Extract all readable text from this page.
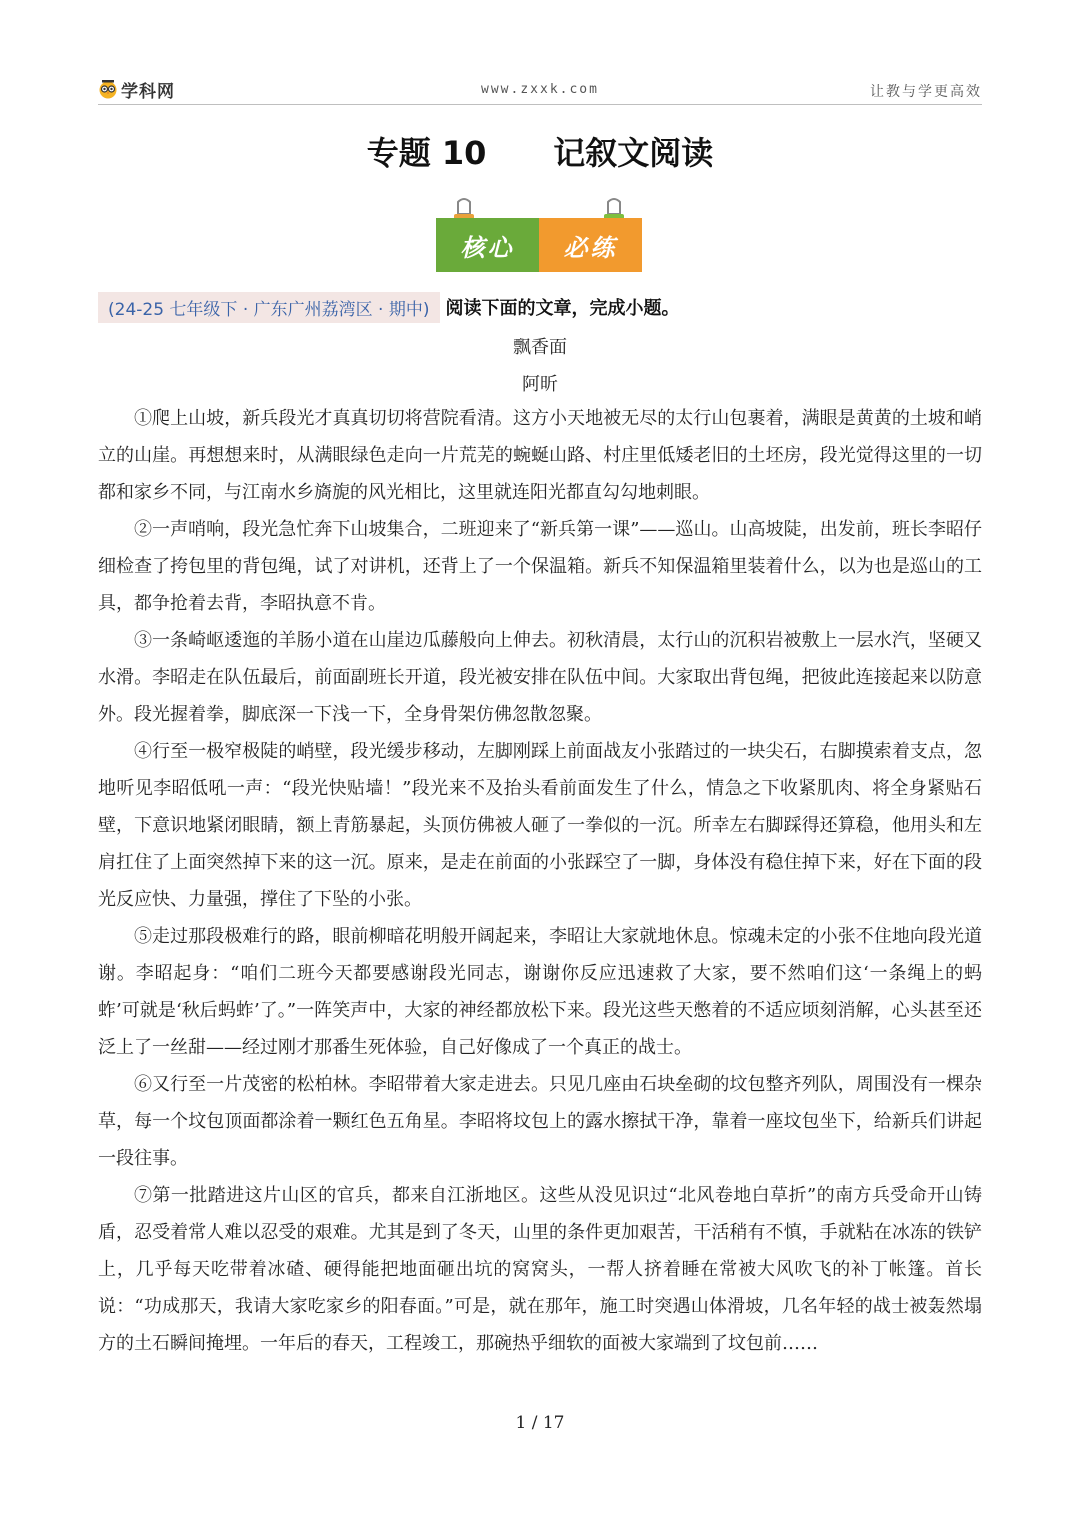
学科网	www.zxxk.com	让教与学更高效
专题 10      记叙文阅读
核心	必练
(24-25 七年级下 · 广东广州荔湾区 · 期中) 阅读下面的文章，完成小题。
飘香面
阿昕

①爬上山坡，新兵段光才真真切切将营院看清。这方小天地被无尽的太行山包裹着，满眼是黄黄的土坡和峭立的山崖。再想想来时，从满眼绿色走向一片荒芜的蜿蜒山路、村庄里低矮老旧的土坯房，段光觉得这里的一切都和家乡不同，与江南水乡旖旎的风光相比，这里就连阳光都直勾勾地刺眼。

②一声哨响，段光急忙奔下山坡集合，二班迎来了“新兵第一课”——巡山。山高坡陡，出发前，班长李昭仔细检查了挎包里的背包绳，试了对讲机，还背上了一个保温箱。新兵不知保温箱里装着什么，以为也是巡山的工具，都争抢着去背，李昭执意不肯。

③一条崎岖逶迤的羊肠小道在山崖边瓜藤般向上伸去。初秋清晨，太行山的沉积岩被敷上一层水汽，坚硬又水滑。李昭走在队伍最后，前面副班长开道，段光被安排在队伍中间。大家取出背包绳，把彼此连接起来以防意外。段光握着拳，脚底深一下浅一下，全身骨架仿佛忽散忽聚。

④行至一极窄极陡的峭壁，段光缓步移动，左脚刚踩上前面战友小张踏过的一块尖石，右脚摸索着支点，忽地听见李昭低吼一声：“段光快贴墙！”段光来不及抬头看前面发生了什么，情急之下收紧肌肉、将全身紧贴石壁，下意识地紧闭眼睛，额上青筋暴起，头顶仿佛被人砸了一拳似的一沉。所幸左右脚踩得还算稳，他用头和左肩扛住了上面突然掉下来的这一沉。原来，是走在前面的小张踩空了一脚，身体没有稳住掉下来，好在下面的段光反应快、力量强，撑住了下坠的小张。

⑤走过那段极难行的路，眼前柳暗花明般开阔起来，李昭让大家就地休息。惊魂未定的小张不住地向段光道谢。李昭起身：“咱们二班今天都要感谢段光同志，谢谢你反应迅速救了大家，要不然咱们这‘一条绳上的蚂蚱’可就是‘秋后蚂蚱’了。”一阵笑声中，大家的神经都放松下来。段光这些天憋着的不适应顷刻消解，心头甚至还泛上了一丝甜——经过刚才那番生死体验，自己好像成了一个真正的战士。

⑥又行至一片茂密的松柏林。李昭带着大家走进去。只见几座由石块垒砌的坟包整齐列队，周围没有一棵杂草，每一个坟包顶面都涂着一颗红色五角星。李昭将坟包上的露水擦拭干净，靠着一座坟包坐下，给新兵们讲起一段往事。

⑦第一批踏进这片山区的官兵，都来自江浙地区。这些从没见识过“北风卷地白草折”的南方兵受命开山铸盾，忍受着常人难以忍受的艰难。尤其是到了冬天，山里的条件更加艰苦，干活稍有不慎，手就粘在冰冻的铁铲上，几乎每天吃带着冰碴、硬得能把地面砸出坑的窝窝头，一帮人挤着睡在常被大风吹飞的补丁帐篷。首长说：“功成那天，我请大家吃家乡的阳春面。”可是，就在那年，施工时突遇山体滑坡，几名年轻的战士被轰然塌方的土石瞬间掩埋。一年后的春天，工程竣工，那碗热乎细软的面被大家端到了坟包前……

1 / 17
